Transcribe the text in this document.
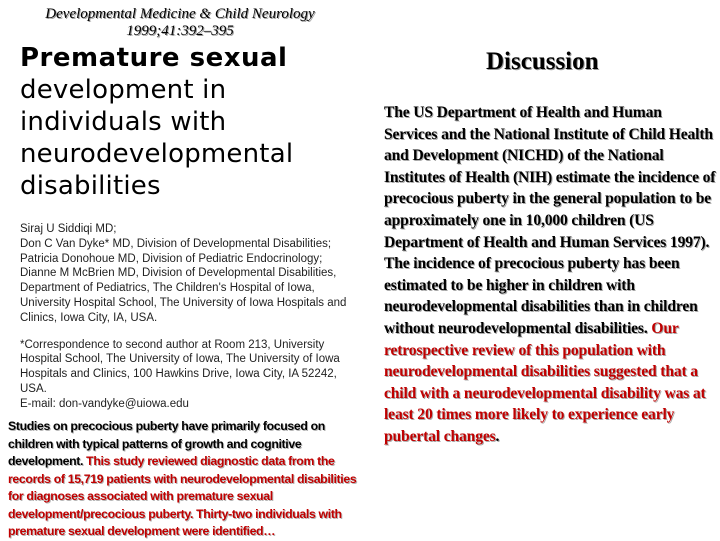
Developmental Medicine & Child Neurology
1999;41:392–395
Premature sexual
development in
individuals with
neurodevelopmental
disabilities

Siraj U Siddiqi MD;
Don C Van Dyke* MD, Division of Developmental Disabilities;
Patricia Donohoue MD, Division of Pediatric Endocrinology;
Dianne M McBrien MD, Division of Developmental Disabilities, Department of Pediatrics, The Children's Hospital of Iowa, University Hospital School, The University of Iowa Hospitals and Clinics, Iowa City, IA, USA.

*Correspondence to second author at Room 213, University Hospital School, The University of Iowa, The University of Iowa Hospitals and Clinics, 100 Hawkins Drive, Iowa City, IA 52242, USA.
E-mail: don-vandyke@uiowa.edu

Studies on precocious puberty have primarily focused on children with typical patterns of growth and cognitive development. This study reviewed diagnostic data from the records of 15,719 patients with neurodevelopmental disabilities for diagnoses associated with premature sexual development/precocious puberty. Thirty-two individuals with premature sexual development were identified…
Discussion

The US Department of Health and Human Services and the National Institute of Child Health and Development (NICHD) of the National Institutes of Health (NIH) estimate the incidence of precocious puberty in the general population to be approximately one in 10,000 children (US Department of Health and Human Services 1997). The incidence of precocious puberty has been estimated to be higher in children with neurodevelopmental disabilities than in children without neurodevelopmental disabilities. Our retrospective review of this population with neurodevelopmental disabilities suggested that a child with a neurodevelopmental disability was at least 20 times more likely to experience early pubertal changes.
